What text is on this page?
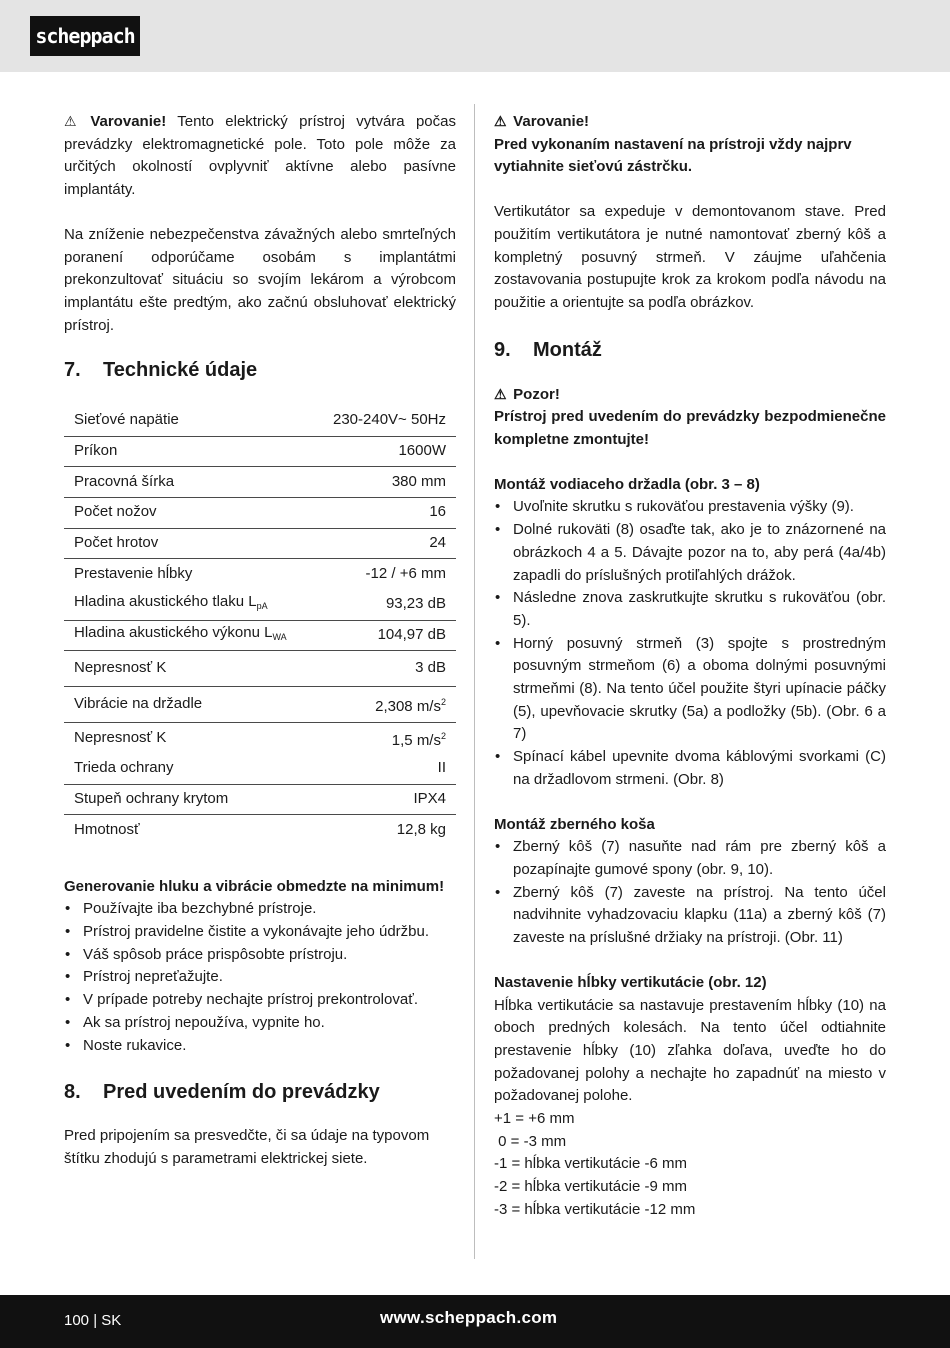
scheppach

⚠ Varovanie! Tento elektrický prístroj vytvára počas prevádzky elektromagnetické pole. Toto pole môže za určitých okolností ovplyvniť aktívne alebo pasívne implantáty.

Na zníženie nebezpečenstva závažných alebo smrteľných poranení odporúčame osobám s implantátmi prekonzultovať situáciu so svojím lekárom a výrobcom implantátu ešte predtým, ako začnú obsluhovať elektrický prístroj.

7.	Technické údaje
Sieťové napätie	230-240V~ 50Hz
Príkon	1600W
Pracovná šírka	380 mm
Počet nožov	16
Počet hrotov	24
Prestavenie hĺbky	-12 / +6 mm
Hladina akustického tlaku $L_{pA}$	93,23 dB
Hladina akustického výkonu $L_{WA}$	104,97 dB
Nepresnosť K	3 dB
Vibrácie na držadle	2,308 $m/s^2$
Nepresnosť K	1,5 $m/s^2$
Trieda ochrany	II
Stupeň ochrany krytom	IPX4
Hmotnosť	12,8 kg

Generovanie hluku a vibrácie obmedzte na minimum!

• Používajte iba bezchybné prístroje.
• Prístroj pravidelne čistite a vykonávajte jeho údržbu.
• Váš spôsob práce prispôsobte prístroju.
• Prístroj nepreťažujte.
• V prípade potreby nechajte prístroj prekontrolovať.
• Ak sa prístroj nepoužíva, vypnite ho.
• Noste rukavice.
8.	Pred uvedením do prevádzky

Pred pripojením sa presvedčte, či sa údaje na typovom štítku zhodujú s parametrami elektrickej siete.

⚠ Varovanie!

Pred vykonaním nastavení na prístroji vždy najprv vytiahnite sieťovú zástrčku.

Vertikutátor sa expeduje v demontovanom stave. Pred použitím vertikutátora je nutné namontovať zberný kôš a kompletný posuvný strmeň. V záujme uľahčenia zostavovania postupujte krok za krokom podľa návodu na použitie a orientujte sa podľa obrázkov.

9.	Montáž

⚠ Pozor!

Prístroj pred uvedením do prevádzky bezpodmienečne kompletne zmontujte!

Montáž vodiaceho držadla (obr. 3 – 8)

• Uvoľnite skrutku s rukoväťou prestavenia výšky (9).
• Dolné rukoväti (8) osaďte tak, ako je to znázornené na obrázkoch 4 a 5. Dávajte pozor na to, aby perá (4a/4b) zapadli do príslušných protiľahlých drážok.
• Následne znova zaskrutkujte skrutku s rukoväťou (obr. 5).
• Horný posuvný strmeň (3) spojte s prostredným posuvným strmeňom (6) a oboma dolnými posuvnými strmeňmi (8). Na tento účel použite štyri upínacie páčky (5), upevňovacie skrutky (5a) a podložky (5b). (Obr. 6 a 7)
• Spínací kábel upevnite dvoma káblovými svorkami (C) na držadlovom strmeni. (Obr. 8)

Montáž zberného koša

• Zberný kôš (7) nasuňte nad rám pre zberný kôš a pozapínajte gumové spony (obr. 9, 10).
• Zberný kôš (7) zaveste na prístroj. Na tento účel nadvihnite vyhadzovaciu klapku (11a) a zberný kôš (7) zaveste na príslušné držiaky na prístroji. (Obr. 11)

Nastavenie hĺbky vertikutácie (obr. 12)

Hĺbka vertikutácie sa nastavuje prestavením hĺbky (10) na oboch predných kolesách. Na tento účel odtiahnite prestavenie hĺbky (10) zľahka doľava, uveďte ho do požadovanej polohy a nechajte ho zapadnúť na miesto v požadovanej polohe.

+1 = +6 mm

0 = -3 mm

-1 = hĺbka vertikutácie -6 mm

-2 = hĺbka vertikutácie -9 mm

-3 = hĺbka vertikutácie -12 mm

100 | SK	www.scheppach.com
